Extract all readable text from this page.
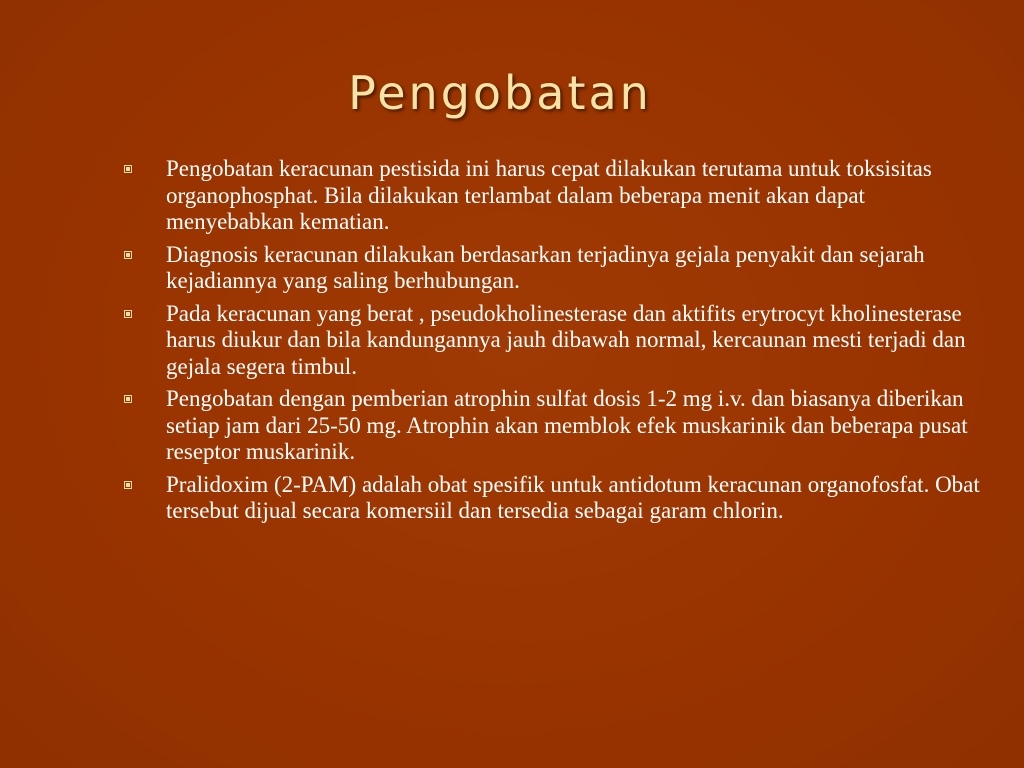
Pengobatan
Pengobatan keracunan pestisida ini harus cepat dilakukan terutama untuk toksisitas organophosphat. Bila dilakukan terlambat dalam beberapa menit akan dapat menyebabkan kematian.
Diagnosis keracunan dilakukan berdasarkan terjadinya gejala penyakit dan sejarah kejadiannya yang saling berhubungan.
Pada keracunan yang berat , pseudokholinesterase dan aktifits erytrocyt kholinesterase harus diukur dan bila kandungannya jauh dibawah normal, kercaunan mesti terjadi dan gejala segera timbul.
Pengobatan dengan pemberian atrophin sulfat dosis 1-2 mg i.v. dan biasanya diberikan setiap jam dari 25-50 mg. Atrophin akan memblok efek muskarinik dan beberapa pusat reseptor muskarinik.
Pralidoxim (2-PAM) adalah obat spesifik untuk antidotum keracunan organofosfat. Obat tersebut dijual secara komersiil dan tersedia sebagai garam chlorin.
